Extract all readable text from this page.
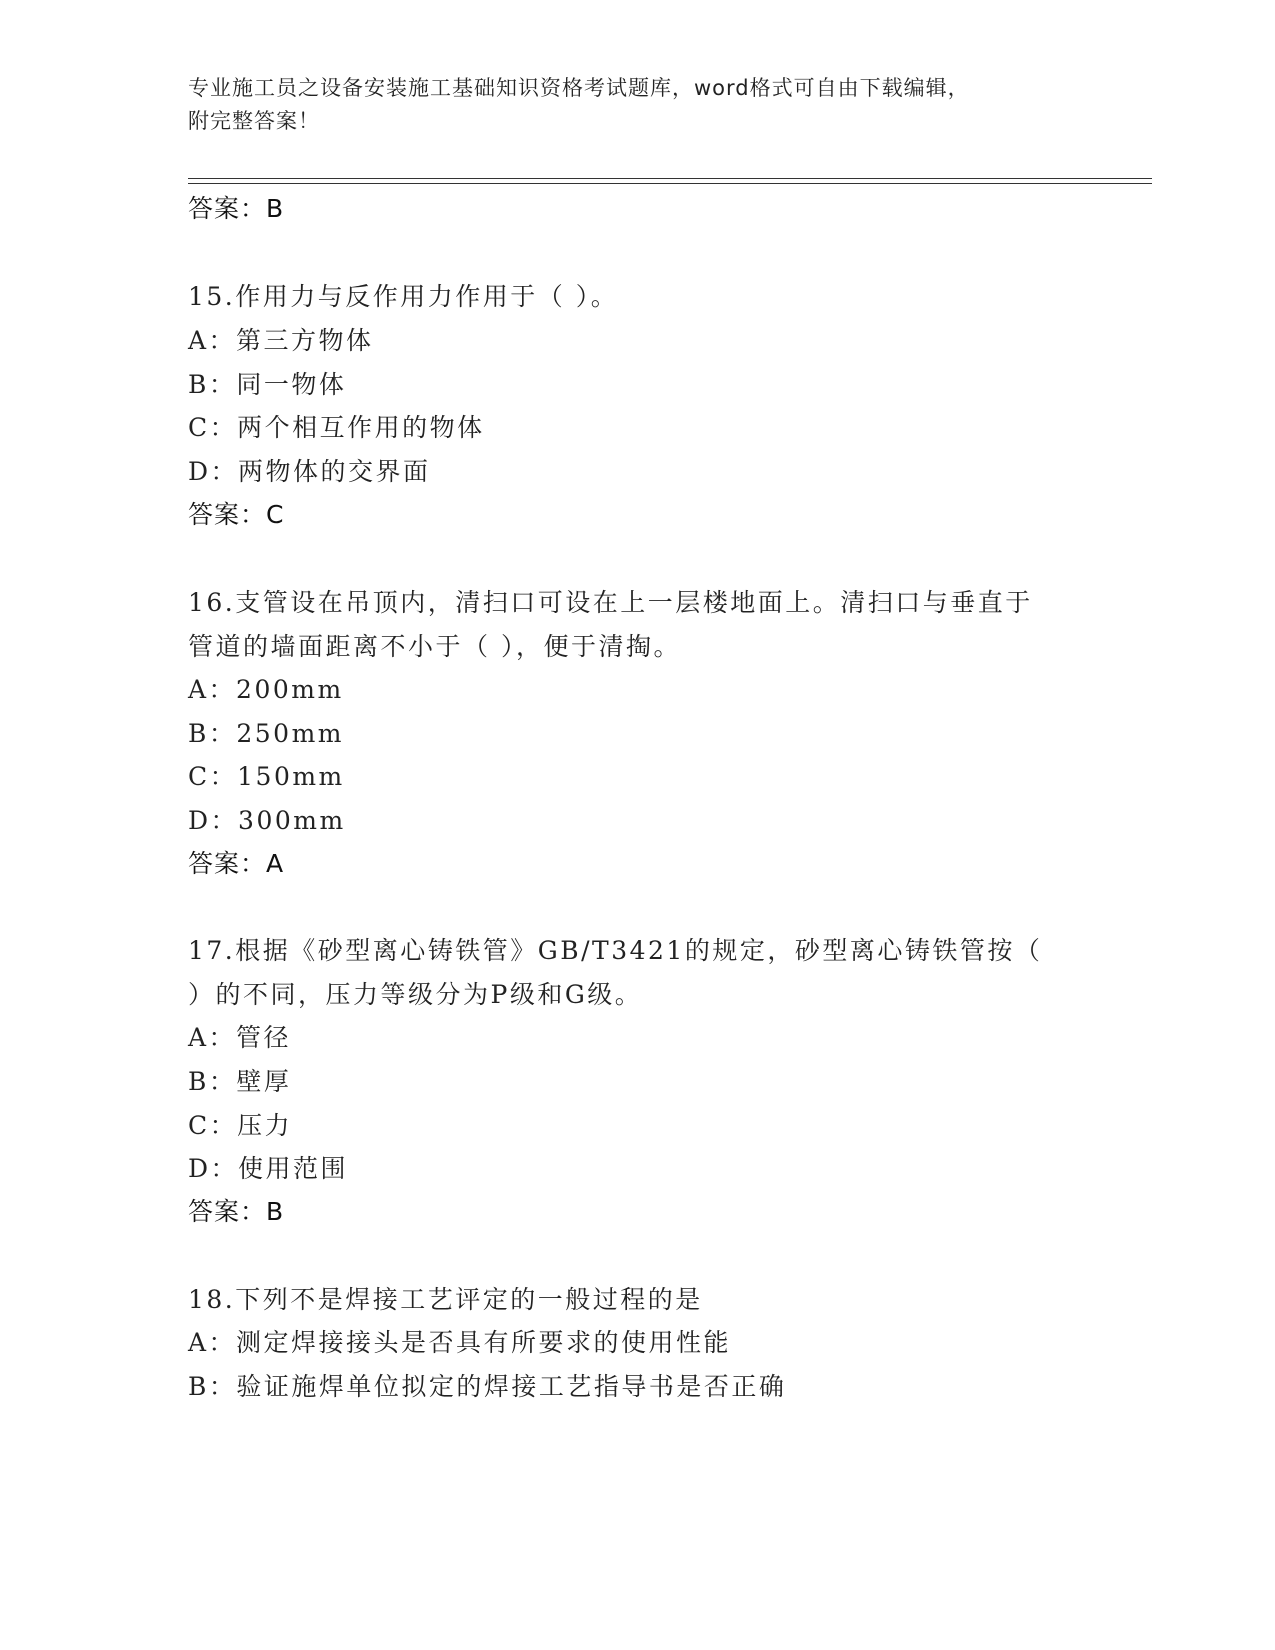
专业施工员之设备安装施工基础知识资格考试题库，word格式可自由下载编辑，
附完整答案！
答案：B
15.作用力与反作用力作用于（ ）。
A：第三方物体
B：同一物体
C：两个相互作用的物体
D：两物体的交界面
答案：C
16.支管设在吊顶内，清扫口可设在上一层楼地面上。清扫口与垂直于
管道的墙面距离不小于（ ），便于清掏。
A：200mm
B：250mm
C：150mm
D：300mm
答案：A
17.根据《砂型离心铸铁管》GB/T3421的规定，砂型离心铸铁管按（
）的不同，压力等级分为P级和G级。
A：管径
B：壁厚
C：压力
D：使用范围
答案：B
18.下列不是焊接工艺评定的一般过程的是
A：测定焊接接头是否具有所要求的使用性能
B：验证施焊单位拟定的焊接工艺指导书是否正确
